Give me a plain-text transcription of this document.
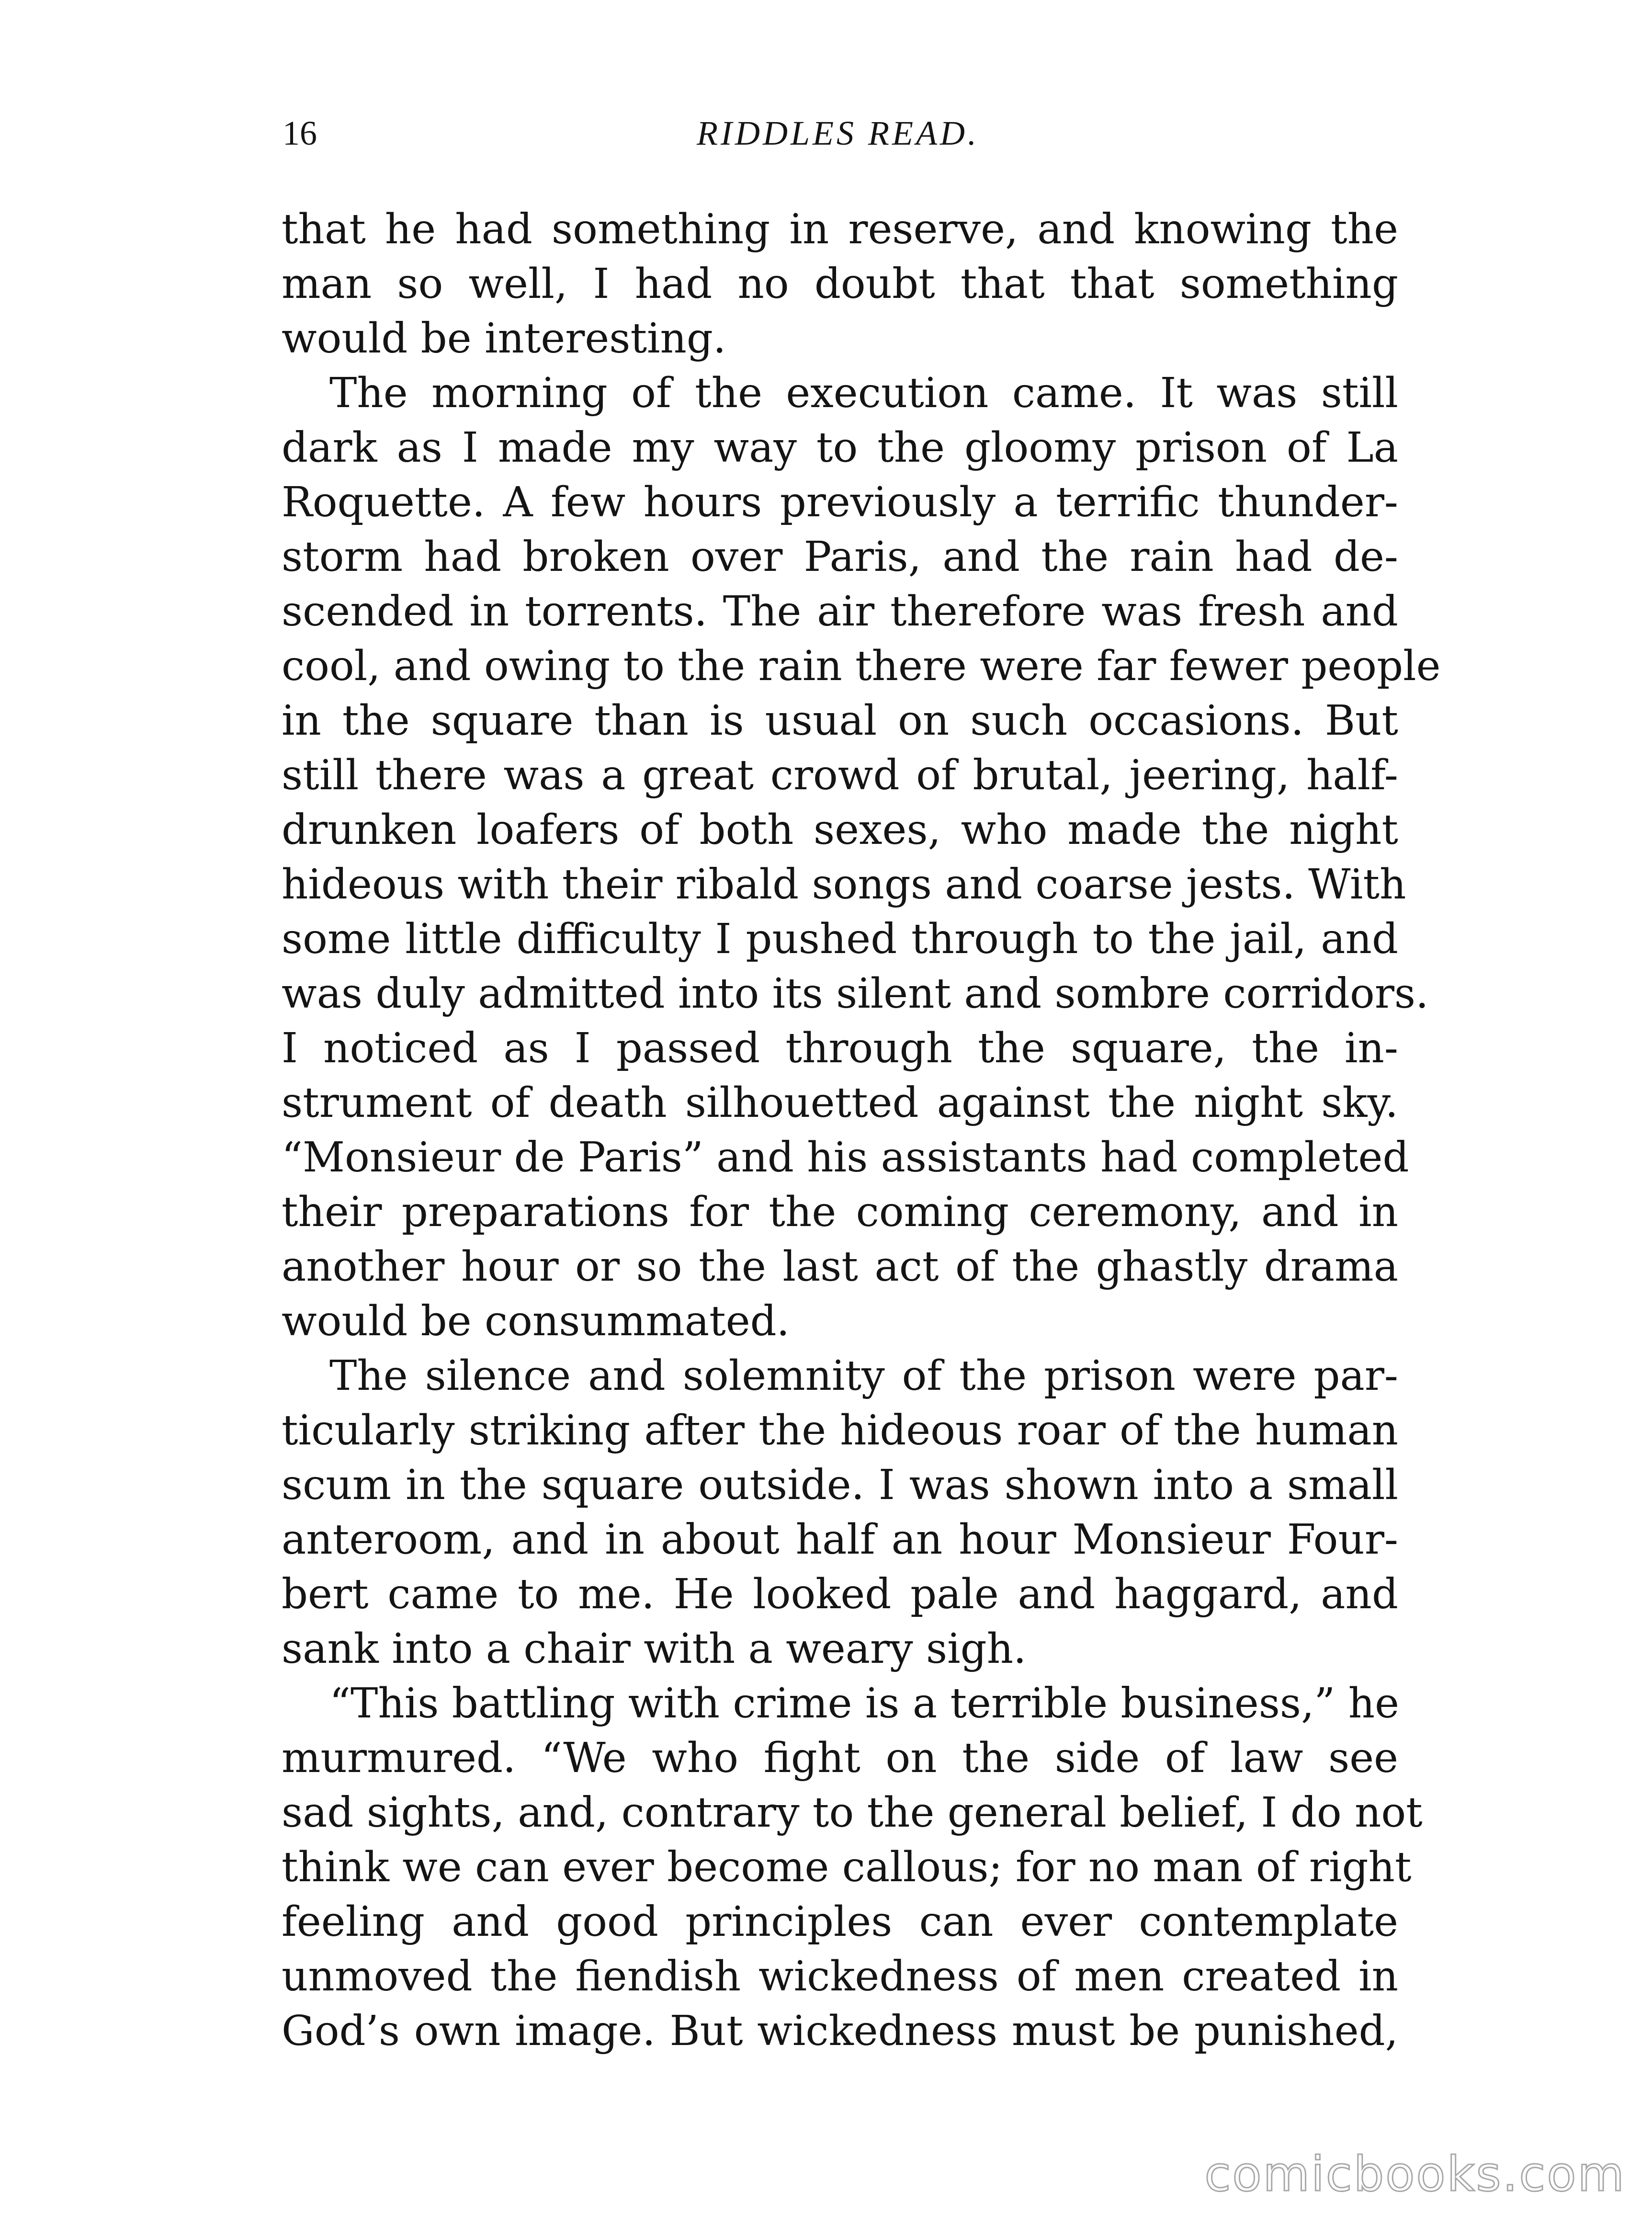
16	RIDDLES READ.
that he had something in reserve, and knowing the
man so well, I had no doubt that that something
would be interesting.
The morning of the execution came. It was still
dark as I made my way to the gloomy prison of La
Roquette. A few hours previously a terrific thunder-
storm had broken over Paris, and the rain had de-
scended in torrents. The air therefore was fresh and
cool, and owing to the rain there were far fewer people
in the square than is usual on such occasions. But
still there was a great crowd of brutal, jeering, half-
drunken loafers of both sexes, who made the night
hideous with their ribald songs and coarse jests. With
some little difficulty I pushed through to the jail, and
was duly admitted into its silent and sombre corridors.
I noticed as I passed through the square, the in-
strument of death silhouetted against the night sky.
“Monsieur de Paris” and his assistants had completed
their preparations for the coming ceremony, and in
another hour or so the last act of the ghastly drama
would be consummated.
The silence and solemnity of the prison were par-
ticularly striking after the hideous roar of the human
scum in the square outside. I was shown into a small
anteroom, and in about half an hour Monsieur Four-
bert came to me. He looked pale and haggard, and
sank into a chair with a weary sigh.
“This battling with crime is a terrible business,” he
murmured. “We who fight on the side of law see
sad sights, and, contrary to the general belief, I do not
think we can ever become callous; for no man of right
feeling and good principles can ever contemplate
unmoved the fiendish wickedness of men created in
God’s own image. But wickedness must be punished,
comicbooks.com
